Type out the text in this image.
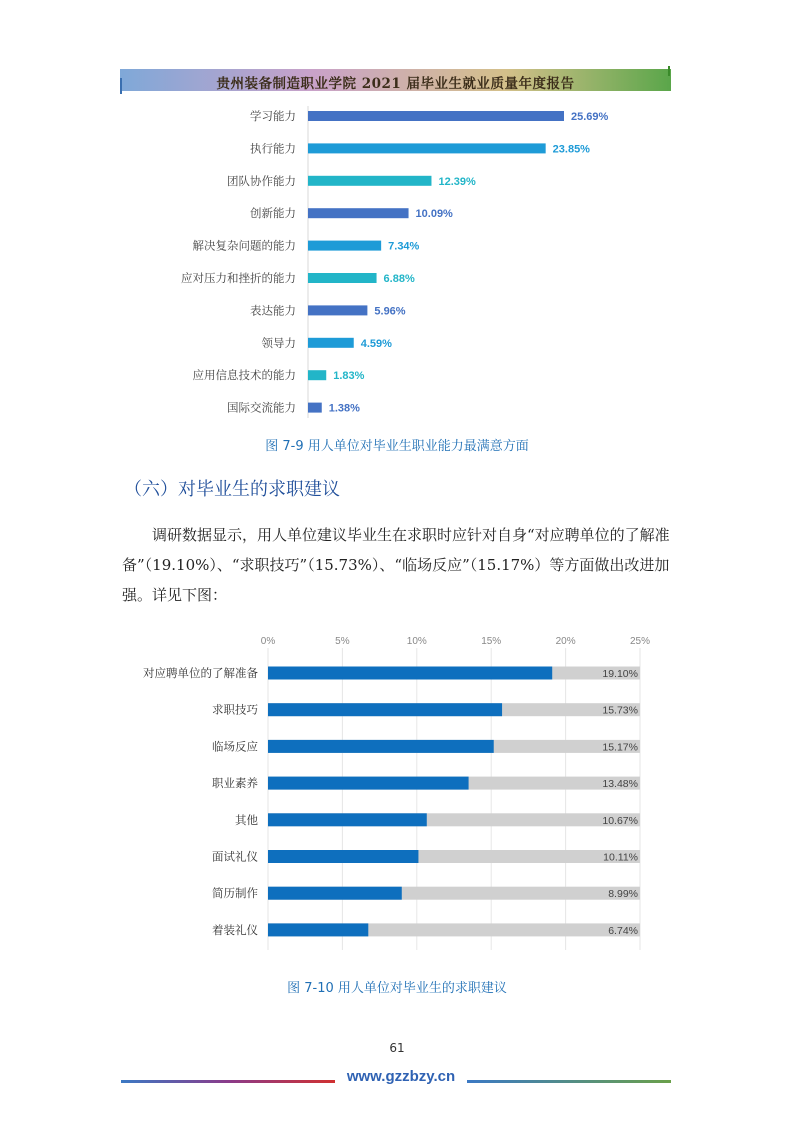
贵州装备制造职业学院 2021 届毕业生就业质量年度报告
学习能力	25.69%
执行能力	23.85%
团队协作能力	12.39%
创新能力	10.09%
解决复杂问题的能力	7.34%
应对压力和挫折的能力	6.88%
表达能力	5.96%
领导力	4.59%
应用信息技术的能力	1.83%
国际交流能力	1.38%
图 7-9 用人单位对毕业生职业能力最满意方面
（六）对毕业生的求职建议
调研数据显示，用人单位建议毕业生在求职时应针对自身“对应聘单位的了解准备”（19.10%）、“求职技巧”（15.73%）、“临场反应”（15.17%）等方面做出改进加强。详见下图：
0%	5%	10%	15%	20%	25%
对应聘单位的了解准备	19.10%
求职技巧	15.73%
临场反应	15.17%
职业素养	13.48%
其他	10.67%
面试礼仪	10.11%
简历制作	8.99%
着装礼仪	6.74%
图 7-10 用人单位对毕业生的求职建议
61
www.gzzbzy.cn
